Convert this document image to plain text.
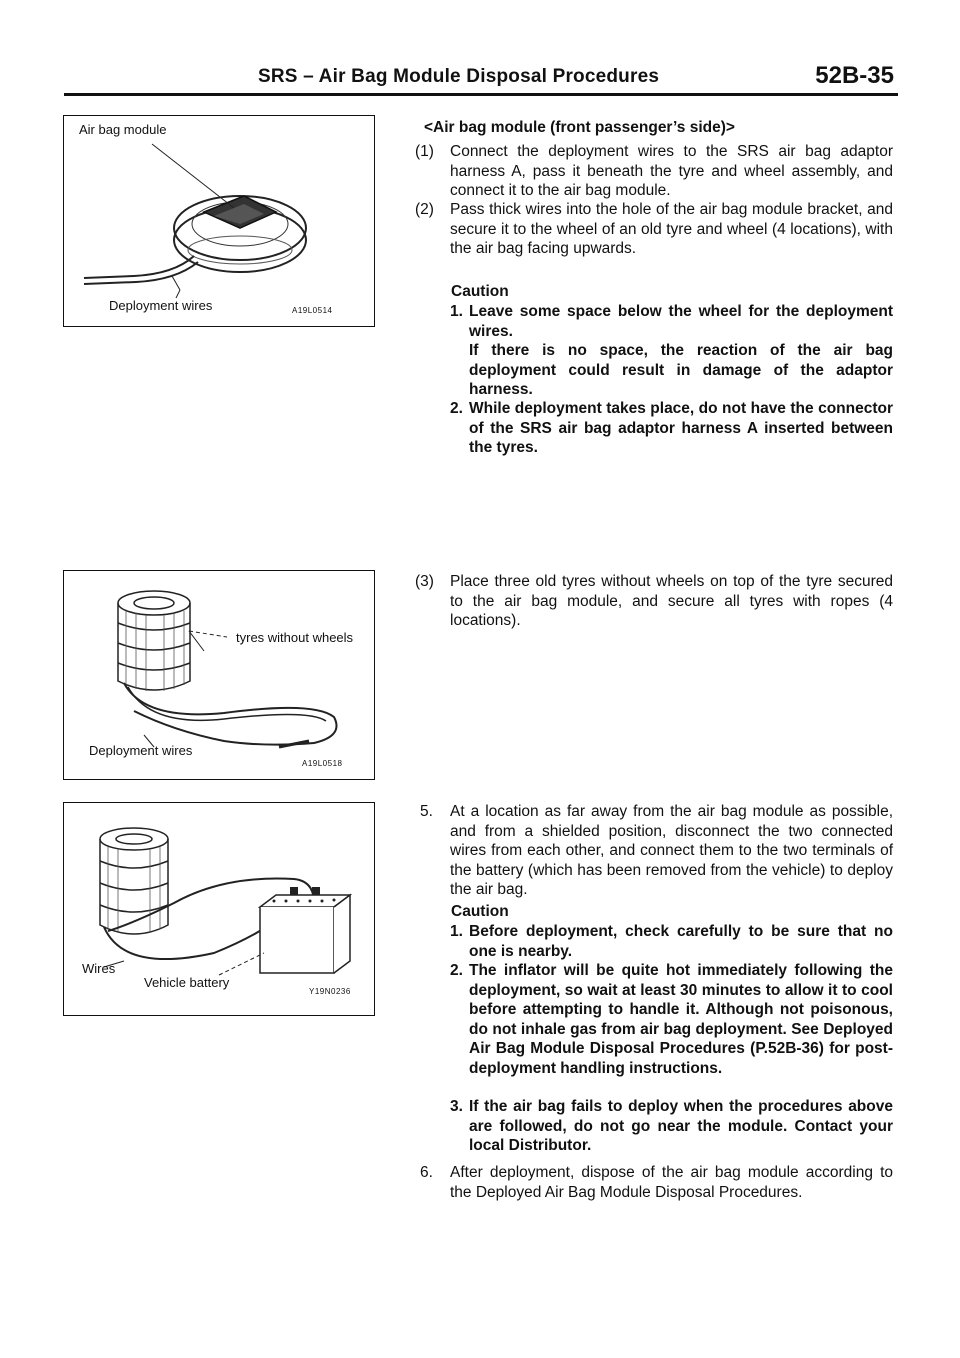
SRS – Air Bag Module Disposal Procedures	52B-35
Air bag module
Deployment wires	A19L0514
tyres without wheels
Deployment wires
A19L0518
Wires
Vehicle battery
Y19N0236
<Air bag module (front passenger’s side)>
(1) Connect the deployment wires to the SRS air bag adaptor harness A, pass it beneath the tyre and wheel assembly, and connect it to the air bag module.
(2) Pass thick wires into the hole of the air bag module bracket, and secure it to the wheel of an old tyre and wheel (4 locations), with the air bag facing upwards.
Caution
1. Leave some space below the wheel for the deployment wires.
If there is no space, the reaction of the air bag deployment could result in damage of the adaptor harness.
2. While deployment takes place, do not have the connector of the SRS air bag adaptor harness A inserted between the tyres.
(3) Place three old tyres without wheels on top of the tyre secured to the air bag module, and secure all tyres with ropes (4 locations).
5. At a location as far away from the air bag module as possible, and from a shielded position, disconnect the two connected wires from each other, and connect them to the two terminals of the battery (which has been removed from the vehicle) to deploy the air bag.
Caution
1. Before deployment, check carefully to be sure that no one is nearby.
2. The inflator will be quite hot immediately following the deployment, so wait at least 30 minutes to allow it to cool before attempting to handle it. Although not poisonous, do not inhale gas from air bag deployment. See Deployed Air Bag Module Disposal Procedures (P.52B-36) for post-deployment handling instructions.
3. If the air bag fails to deploy when the procedures above are followed, do not go near the module. Contact your local Distributor.
6. After deployment, dispose of the air bag module according to the Deployed Air Bag Module Disposal Procedures.
